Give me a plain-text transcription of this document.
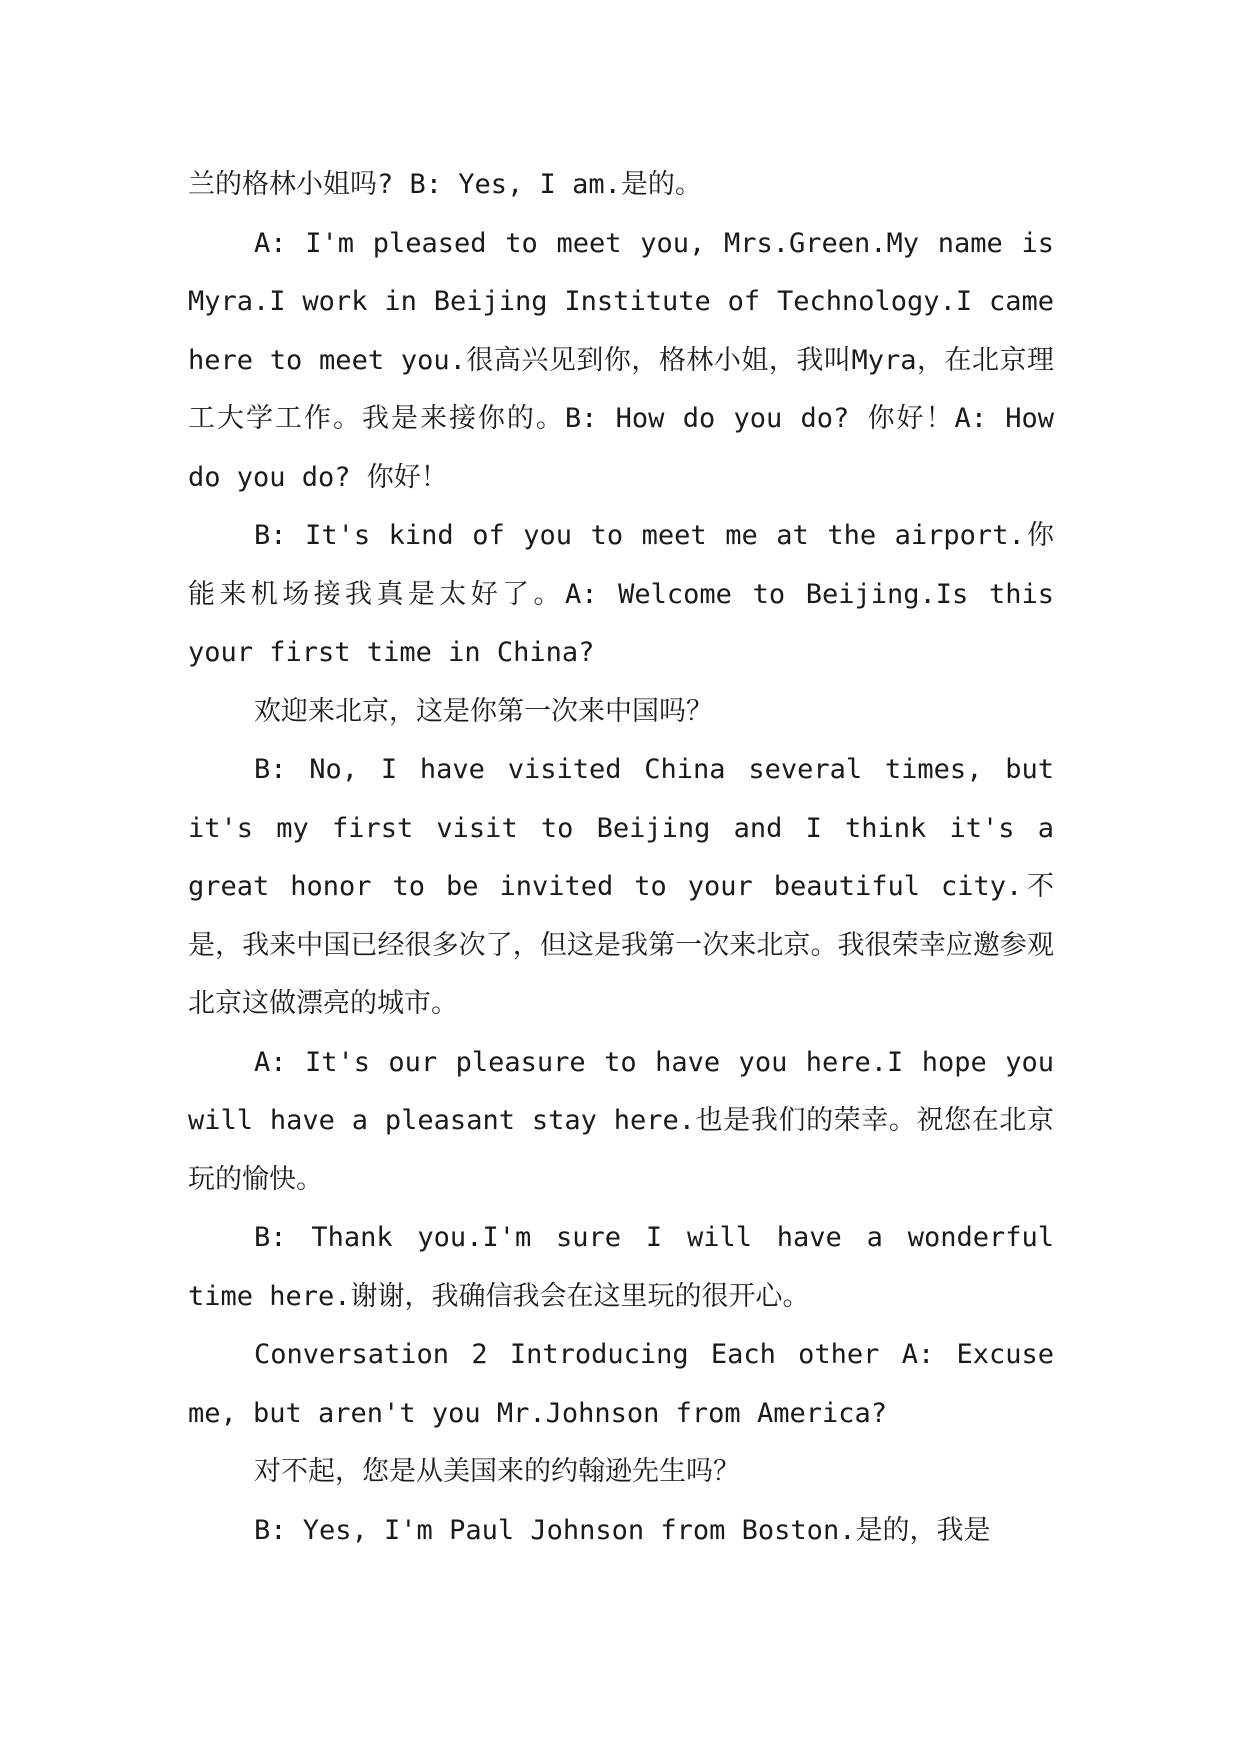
兰的格林小姐吗? B: Yes, I am.是的。

A: I'm pleased to meet you, Mrs.Green.My name is Myra.I work in Beijing Institute of Technology.I came here to meet you.很高兴见到你，格林小姐，我叫Myra，在北京理工大学工作。我是来接你的。B: How do you do? 你好！A: How do you do? 你好！

B: It's kind of you to meet me at the airport.你能来机场接我真是太好了。A: Welcome to Beijing.Is this your first time in China?

欢迎来北京，这是你第一次来中国吗？

B: No, I have visited China several times, but it's my first visit to Beijing and I think it's a great honor to be invited to your beautiful city.不是，我来中国已经很多次了，但这是我第一次来北京。我很荣幸应邀参观北京这做漂亮的城市。

A: It's our pleasure to have you here.I hope you will have a pleasant stay here.也是我们的荣幸。祝您在北京玩的愉快。

B: Thank you.I'm sure I will have a wonderful time here.谢谢，我确信我会在这里玩的很开心。

Conversation 2 Introducing Each other A: Excuse me, but aren't you Mr.Johnson from America?

对不起，您是从美国来的约翰逊先生吗？

B: Yes, I'm Paul Johnson from Boston.是的，我是
